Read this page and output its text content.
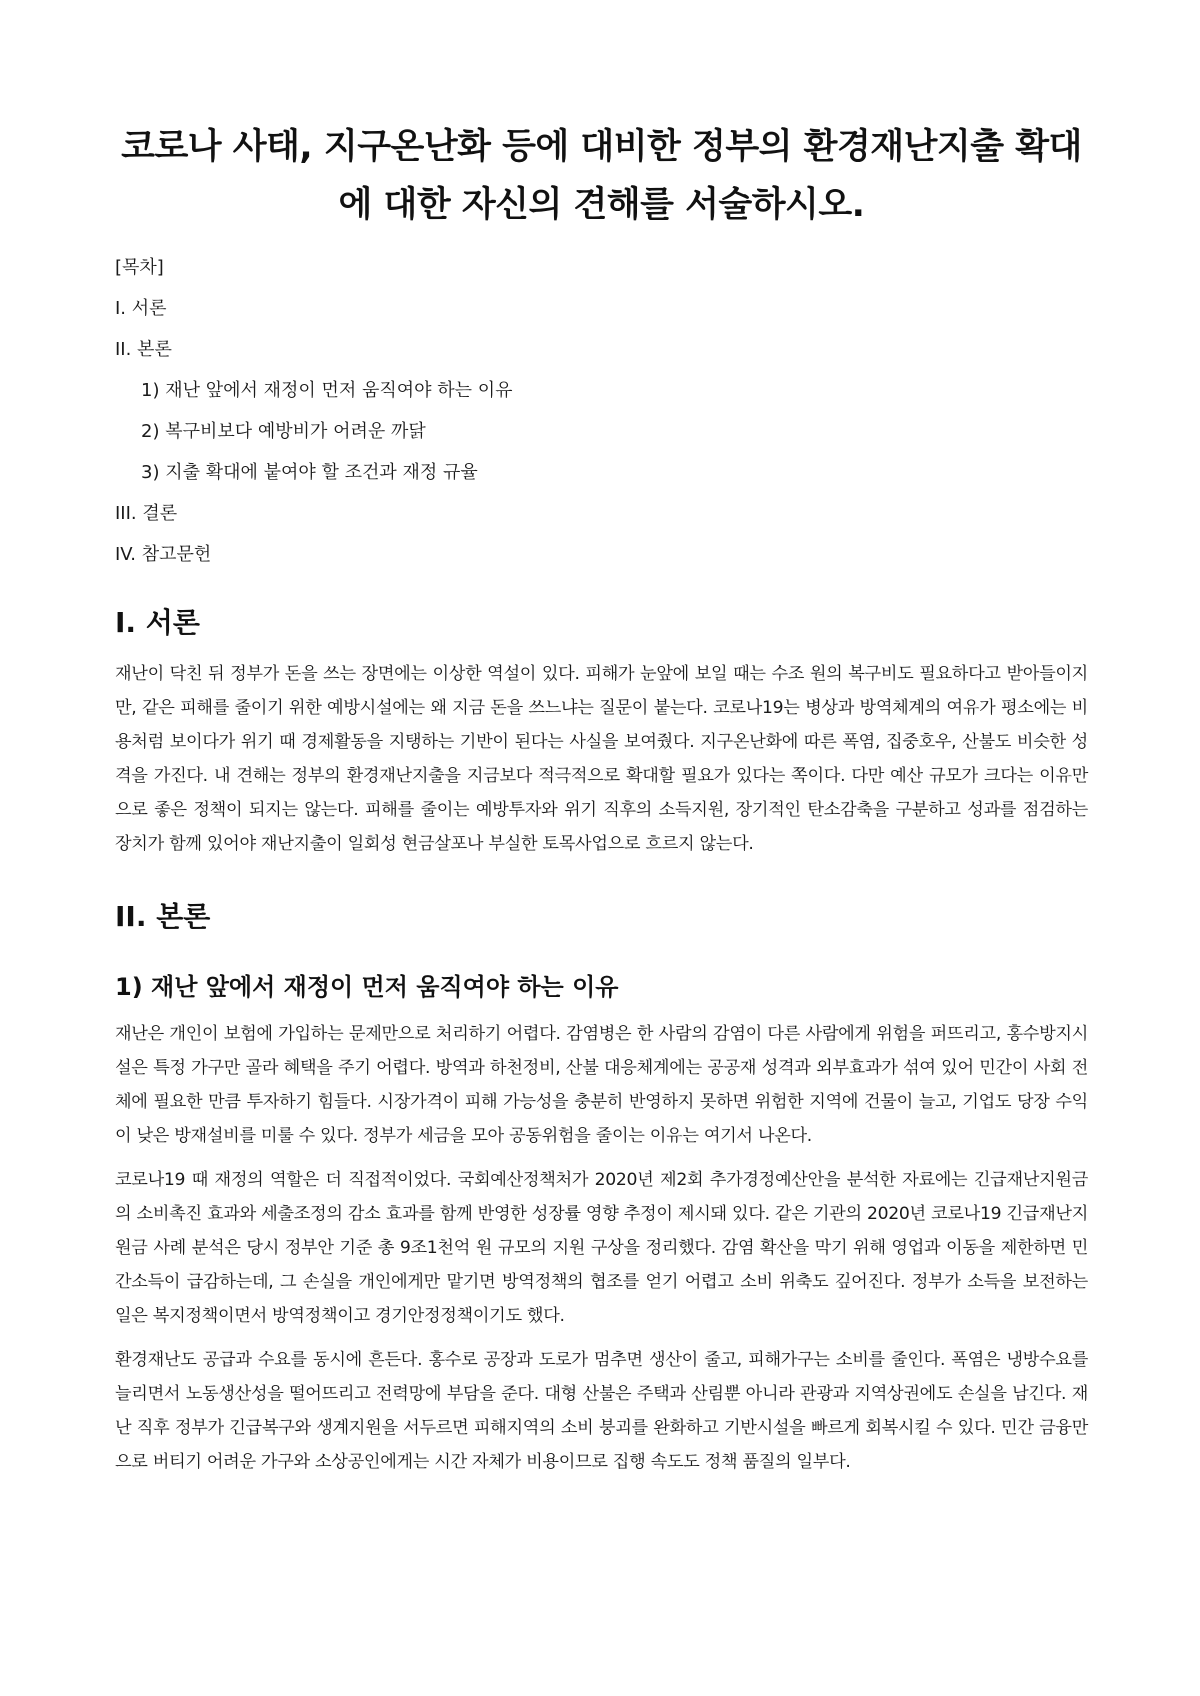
코로나 사태, 지구온난화 등에 대비한 정부의 환경재난지출 확대에 대한 자신의 견해를 서술하시오.
[목차]
I. 서론
II. 본론
1) 재난 앞에서 재정이 먼저 움직여야 하는 이유
2) 복구비보다 예방비가 어려운 까닭
3) 지출 확대에 붙여야 할 조건과 재정 규율
III. 결론
IV. 참고문헌
I. 서론

재난이 닥친 뒤 정부가 돈을 쓰는 장면에는 이상한 역설이 있다. 피해가 눈앞에 보일 때는 수조 원의 복구비도 필요하다고 받아들이지만, 같은 피해를 줄이기 위한 예방시설에는 왜 지금 돈을 쓰느냐는 질문이 붙는다. 코로나19는 병상과 방역체계의 여유가 평소에는 비용처럼 보이다가 위기 때 경제활동을 지탱하는 기반이 된다는 사실을 보여줬다. 지구온난화에 따른 폭염, 집중호우, 산불도 비슷한 성격을 가진다. 내 견해는 정부의 환경재난지출을 지금보다 적극적으로 확대할 필요가 있다는 쪽이다. 다만 예산 규모가 크다는 이유만으로 좋은 정책이 되지는 않는다. 피해를 줄이는 예방투자와 위기 직후의 소득지원, 장기적인 탄소감축을 구분하고 성과를 점검하는 장치가 함께 있어야 재난지출이 일회성 현금살포나 부실한 토목사업으로 흐르지 않는다.

II. 본론
1) 재난 앞에서 재정이 먼저 움직여야 하는 이유

재난은 개인이 보험에 가입하는 문제만으로 처리하기 어렵다. 감염병은 한 사람의 감염이 다른 사람에게 위험을 퍼뜨리고, 홍수방지시설은 특정 가구만 골라 혜택을 주기 어렵다. 방역과 하천정비, 산불 대응체계에는 공공재 성격과 외부효과가 섞여 있어 민간이 사회 전체에 필요한 만큼 투자하기 힘들다. 시장가격이 피해 가능성을 충분히 반영하지 못하면 위험한 지역에 건물이 늘고, 기업도 당장 수익이 낮은 방재설비를 미룰 수 있다. 정부가 세금을 모아 공동위험을 줄이는 이유는 여기서 나온다.

코로나19 때 재정의 역할은 더 직접적이었다. 국회예산정책처가 2020년 제2회 추가경정예산안을 분석한 자료에는 긴급재난지원금의 소비촉진 효과와 세출조정의 감소 효과를 함께 반영한 성장률 영향 추정이 제시돼 있다. 같은 기관의 2020년 코로나19 긴급재난지원금 사례 분석은 당시 정부안 기준 총 9조1천억 원 규모의 지원 구상을 정리했다. 감염 확산을 막기 위해 영업과 이동을 제한하면 민간소득이 급감하는데, 그 손실을 개인에게만 맡기면 방역정책의 협조를 얻기 어렵고 소비 위축도 깊어진다. 정부가 소득을 보전하는 일은 복지정책이면서 방역정책이고 경기안정정책이기도 했다.

환경재난도 공급과 수요를 동시에 흔든다. 홍수로 공장과 도로가 멈추면 생산이 줄고, 피해가구는 소비를 줄인다. 폭염은 냉방수요를 늘리면서 노동생산성을 떨어뜨리고 전력망에 부담을 준다. 대형 산불은 주택과 산림뿐 아니라 관광과 지역상권에도 손실을 남긴다. 재난 직후 정부가 긴급복구와 생계지원을 서두르면 피해지역의 소비 붕괴를 완화하고 기반시설을 빠르게 회복시킬 수 있다. 민간 금융만으로 버티기 어려운 가구와 소상공인에게는 시간 자체가 비용이므로 집행 속도도 정책 품질의 일부다.
